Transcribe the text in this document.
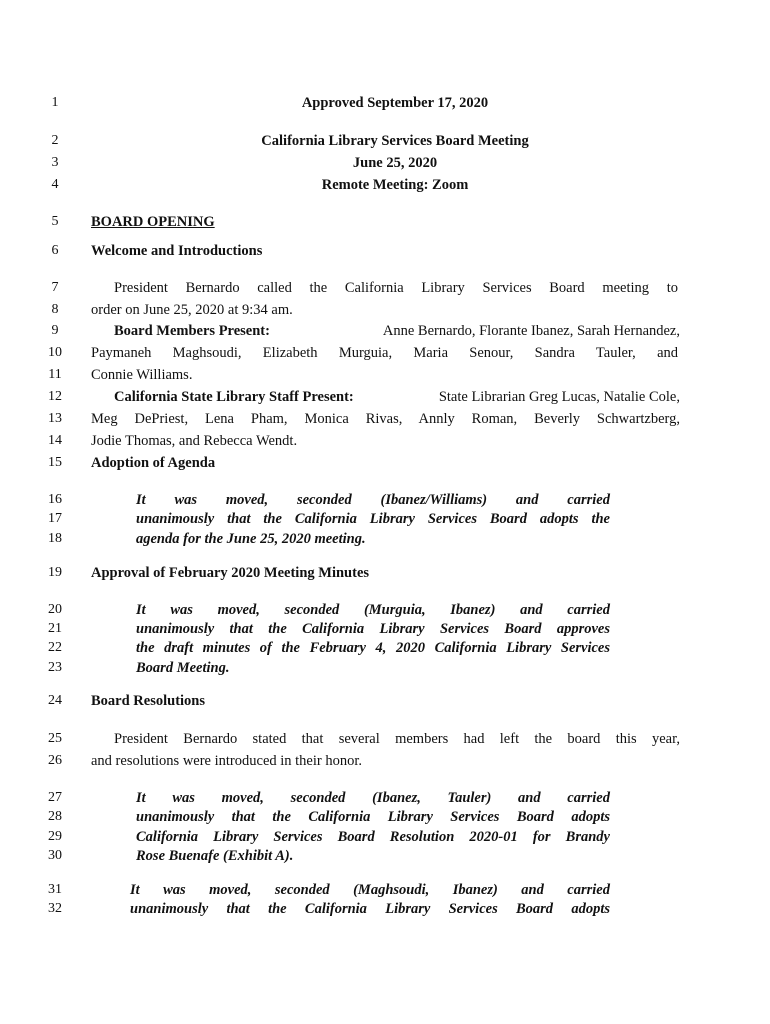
1
2
3
4
5
6
7
8
9
10
11
12
13
14
15
16
17
18
19
20
21
22
23
24
25
26
27
28
29
30
31
32
Approved September 17, 2020
California Library Services Board Meeting
June 25, 2020
Remote Meeting: Zoom
BOARD OPENING
Welcome and Introductions
President Bernardo called the California Library Services Board meeting to
order on June 25, 2020 at 9:34 am.
Board Members Present:	Anne Bernardo, Florante Ibanez, Sarah Hernandez,
Paymaneh Maghsoudi, Elizabeth Murguia, Maria Senour, Sandra Tauler, and
Connie Williams.
California State Library Staff Present:	State Librarian Greg Lucas, Natalie Cole,
Meg DePriest, Lena Pham, Monica Rivas, Annly Roman, Beverly Schwartzberg,
Jodie Thomas, and Rebecca Wendt.
Adoption of Agenda
It was moved, seconded (Ibanez/Williams) and carried
unanimously that the California Library Services Board adopts the
agenda for the June 25, 2020 meeting.
Approval of February 2020 Meeting Minutes
It was moved, seconded (Murguia, Ibanez) and carried
unanimously that the California Library Services Board approves
the draft minutes of the February 4, 2020 California Library Services
Board Meeting.
Board Resolutions
President Bernardo stated that several members had left the board this year,
and resolutions were introduced in their honor.
It was moved, seconded (Ibanez, Tauler) and carried
unanimously that the California Library Services Board adopts
California Library Services Board Resolution 2020-01 for Brandy
Rose Buenafe (Exhibit A).
It was moved, seconded (Maghsoudi, Ibanez) and carried
unanimously that the California Library Services Board adopts
